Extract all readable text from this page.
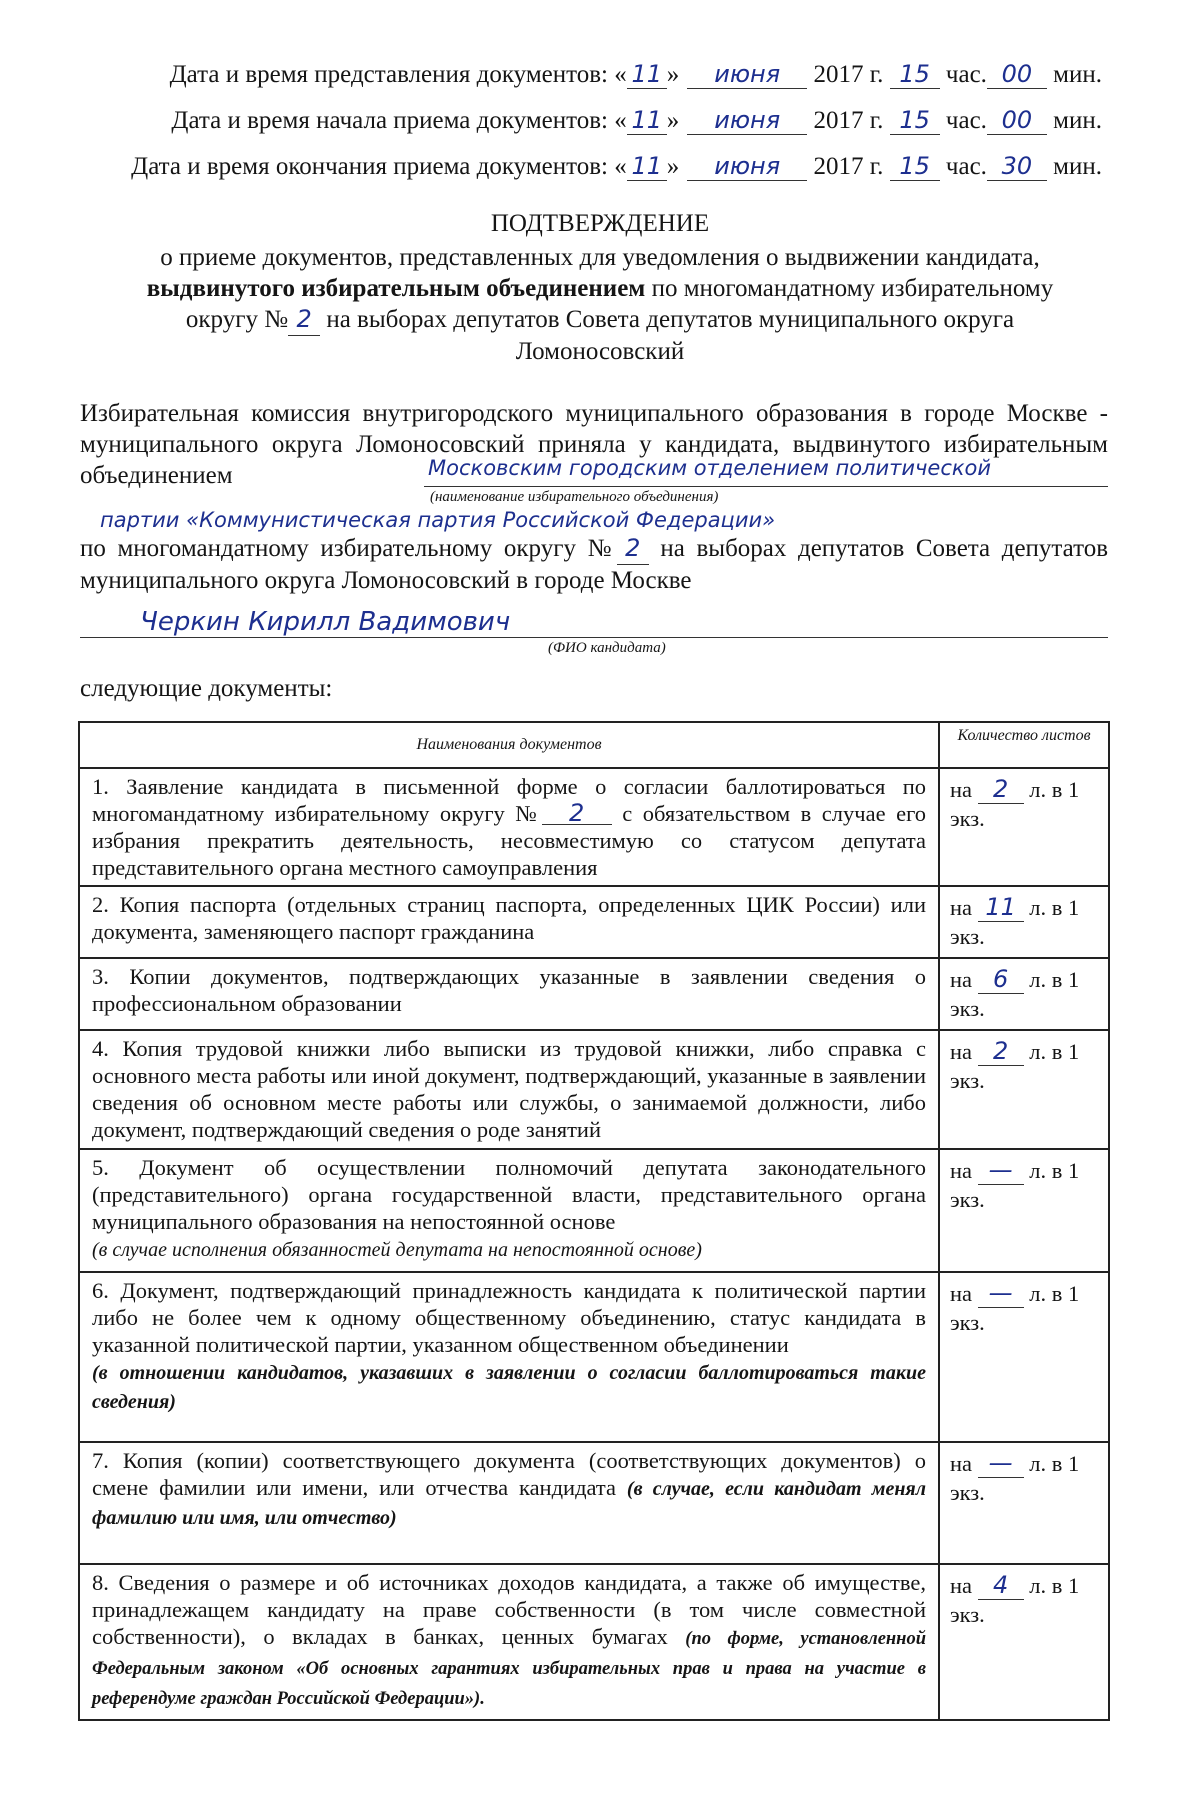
Дата и время представления документов: « 11 »	июня
	2017 г.
15
час. 00
мин.
Дата и время начала приема документов: « 11 »	июня
	2017 г.
15
час. 00
мин.
Дата и время окончания приема документов: « 11 »	июня
	2017 г.
15
час. 30
мин.
ПОДТВЕРЖДЕНИЕ
о приеме документов, представленных для уведомления о выдвижении кандидата,
выдвинутого избирательным объединением по многомандатному избирательному
округу № 2 на выборах депутатов Совета депутатов муниципального округа
Ломоносовский
Избирательная комиссия внутригородского муниципального образования в городе Москве - муниципального округа Ломоносовский приняла у кандидата, выдвинутого избирательным объединением	Московским городским отделением политической
(наименование избирательного объединения)
партии «Коммунистическая партия Российской Федерации»
по многомандатному избирательному округу № 2 на выборах депутатов Совета депутатов муниципального округа Ломоносовский в городе Москве
Черкин Кирилл Вадимович
(ФИО кандидата)
следующие документы:
Наименования документов	Количество листов
1. Заявление кандидата в письменной форме о согласии баллотироваться по многомандатному избирательному округу № 2 с обязательством в случае его избрания прекратить деятельность, несовместимую со статусом депутата представительного органа местного самоуправления	на 2 л. в 1
экз.
2. Копия паспорта (отдельных страниц паспорта, определенных ЦИК России) или документа, заменяющего паспорт гражданина	на 11 л. в 1
экз.
3. Копии документов, подтверждающих указанные в заявлении сведения о профессиональном образовании	на 6 л. в 1
экз.
4. Копия трудовой книжки либо выписки из трудовой книжки, либо справка с основного места работы или иной документ, подтверждающий, указанные в заявлении сведения об основном месте работы или службы, о занимаемой должности, либо документ, подтверждающий сведения о роде занятий	на 2 л. в 1
экз.
5. Документ об осуществлении полномочий депутата законодательного (представительного) органа государственной власти, представительного органа муниципального образования на непостоянной основе
(в случае исполнения обязанностей депутата на непостоянной основе)	на — л. в 1
экз.
6. Документ, подтверждающий принадлежность кандидата к политической партии либо не более чем к одному общественному объединению, статус кандидата в указанной политической партии, указанном общественном объединении
(в отношении кандидатов, указавших в заявлении о согласии баллотироваться такие сведения)	на — л. в 1
экз.
7. Копия (копии) соответствующего документа (соответствующих документов) о смене фамилии или имени, или отчества кандидата (в случае, если кандидат менял фамилию или имя, или отчество)	на — л. в 1
экз.
8. Сведения о размере и об источниках доходов кандидата, а также об имуществе, принадлежащем кандидату на праве собственности (в том числе совместной собственности), о вкладах в банках, ценных бумагах (по форме, установленной Федеральным законом «Об основных гарантиях избирательных прав и права на участие в референдуме граждан Российской Федерации»).	на 4 л. в 1
экз.
